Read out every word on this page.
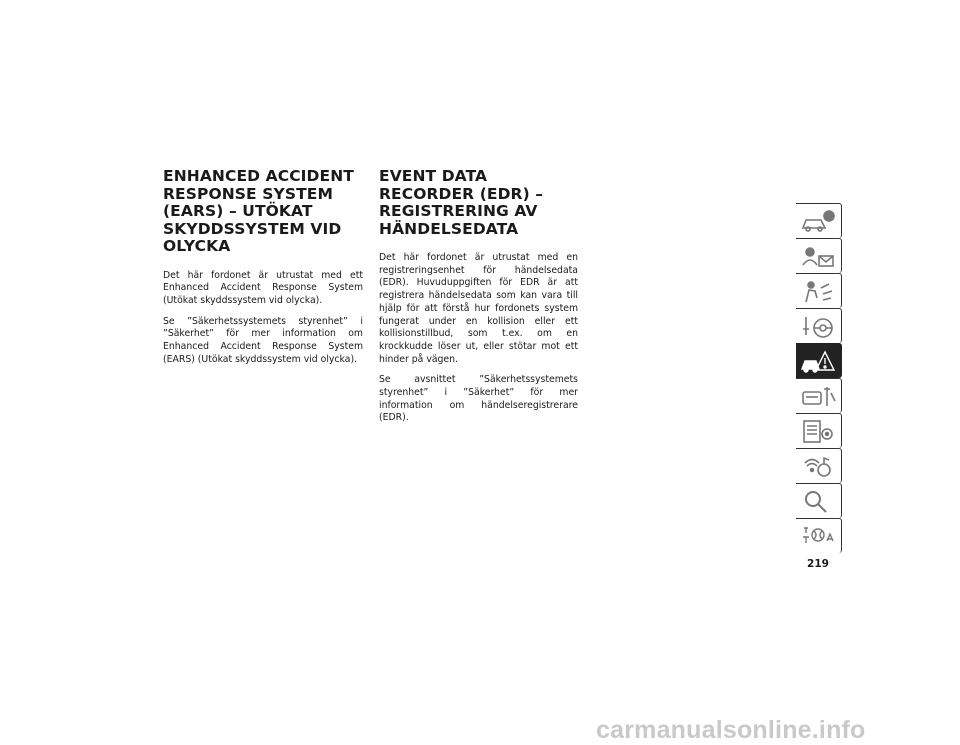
ENHANCED ACCIDENT RESPONSE SYSTEM (EARS) – UTÖKAT SKYDDSSYSTEM VID OLYCKA

Det här fordonet är utrustat med ett Enhanced Accident Response System (Utökat skyddssystem vid olycka).

Se ”Säkerhetssystemets styrenhet” i ”Säkerhet” för mer information om Enhanced Accident Response System (EARS) (Utökat skyddssystem vid olycka).

EVENT DATA RECORDER (EDR) – REGISTRERING AV HÄNDELSEDATA

Det här fordonet är utrustat med en registreringsenhet för händelsedata (EDR). Huvuduppgiften för EDR är att registrera händelsedata som kan vara till hjälp för att förstå hur fordonets system fungerat under en kollision eller ett kollisionstillbud, som t.ex. om en krockkudde löser ut, eller stötar mot ett hinder på vägen.

Se avsnittet ”Säkerhetssystemets styrenhet” i ”Säkerhet” för mer information om händelseregistrerare (EDR).

219
carmanualsonline.info
